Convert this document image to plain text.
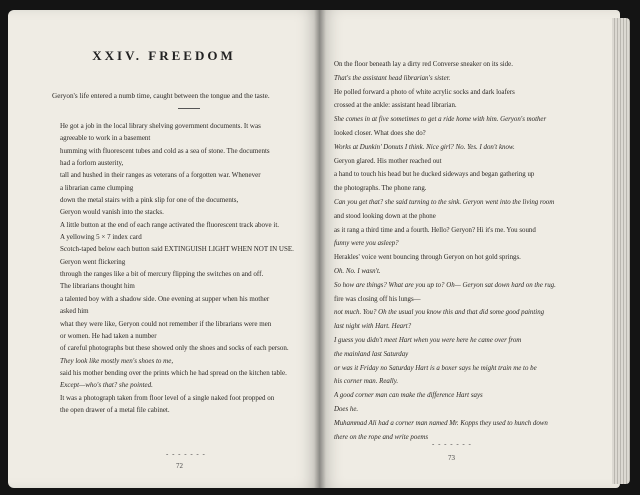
XXIV. FREEDOM
Geryon's life entered a numb time, caught between the tongue and the taste.
He got a job in the local library shelving government documents. It was
agreeable to work in a basement
humming with fluorescent tubes and cold as a sea of stone. The documents
had a forlorn austerity,
tall and hushed in their ranges as veterans of a forgotten war. Whenever
a librarian came clumping
down the metal stairs with a pink slip for one of the documents,
Geryon would vanish into the stacks.
A little button at the end of each range activated the fluorescent track above it.
A yellowing 5 × 7 index card
Scotch-taped below each button said EXTINGUISH LIGHT WHEN NOT IN USE.
Geryon went flickering
through the ranges like a bit of mercury flipping the switches on and off.
The librarians thought him
a talented boy with a shadow side. One evening at supper when his mother
asked him
what they were like, Geryon could not remember if the librarians were men
or women. He had taken a number
of careful photographs but these showed only the shoes and socks of each person.
They look like mostly men's shoes to me,
said his mother bending over the prints which he had spread on the kitchen table.
Except—who's that? she pointed.
It was a photograph taken from floor level of a single naked foot propped on
the open drawer of a metal file cabinet.
- - - - - - -
72
On the floor beneath lay a dirty red Converse sneaker on its side.
That's the assistant head librarian's sister.
He polled forward a photo of white acrylic socks and dark loafers
crossed at the ankle: assistant head librarian.
She comes in at five sometimes to get a ride home with him. Geryon's mother
looked closer. What does she do?
Works at Dunkin' Donuts I think. Nice girl? No. Yes. I don't know.
Geryon glared. His mother reached out
a hand to touch his head but he ducked sideways and began gathering up
the photographs. The phone rang.
Can you get that? she said turning to the sink. Geryon went into the living room
and stood looking down at the phone
as it rang a third time and a fourth. Hello? Geryon? Hi it's me. You sound
funny were you asleep?
Herakles' voice went bouncing through Geryon on hot gold springs.
Oh. No. I wasn't.
So how are things? What are you up to? Oh— Geryon sat down hard on the rug.
fire was closing off his lungs—
not much. You? Oh the usual you know this and that did some good painting
last night with Hart. Heart?
I guess you didn't meet Hart when you were here he came over from
the mainland last Saturday
or was it Friday no Saturday Hart is a boxer says he might train me to be
his corner man. Really.
A good corner man can make the difference Hart says
Does he.
Muhammad Ali had a corner man named Mr. Kopps they used to hunch down
there on the rope and write poems
- - - - - - -
73
